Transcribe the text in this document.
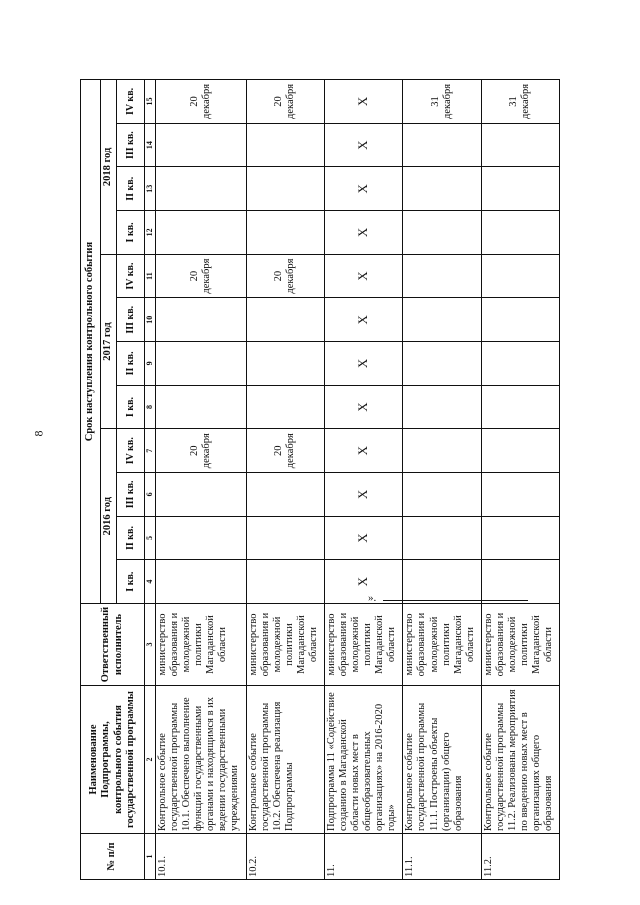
8
№ п/п	Наименование Подпрограммы, контрольного события государственной программы	Ответственный исполнитель	Срок наступления контрольного события											
			2016 год				2017 год				2018 год			
			I кв.	II кв.	III кв.	IV кв.	I кв.	II кв.	III кв.	IV кв.	I кв.	II кв.	III кв.	IV кв.
1	2	3	4	5	6	7	8	9	10	11	12	13	14	15
10.1.	Контрольное событие государственной программы 10.1. Обеспечено выполнение функций государственными органами и находящимся в их ведении государственными учреждениями	министерство образования и молодежной политики Магаданской области				20 декабря				20 декабря				20 декабря
10.2.	Контрольное событие государственной программы 10.2. Обеспечена реализация Подпрограммы	министерство образования и молодежной политики Магаданской области				20 декабря				20 декабря				20 декабря
11.	Подпрограмма 11 «Содействие созданию в Магаданской области новых мест в общеобразовательных организациях» на 2016-2020 годы»	министерство образования и молодежной политики Магаданской области	Х	Х	Х	Х	Х	Х	Х	Х	Х	Х	Х	Х
11.1.	Контрольное событие государственной программы 11.1. Построены объекты (организации) общего образования	министерство образования и молодежной политики Магаданской области												31 декабря
11.2.	Контрольное событие государственной программы 11.2. Реализованы мероприятия по введению новых мест в организациях общего образования	министерство образования и молодежной политики Магаданской области												31 декабря
».
